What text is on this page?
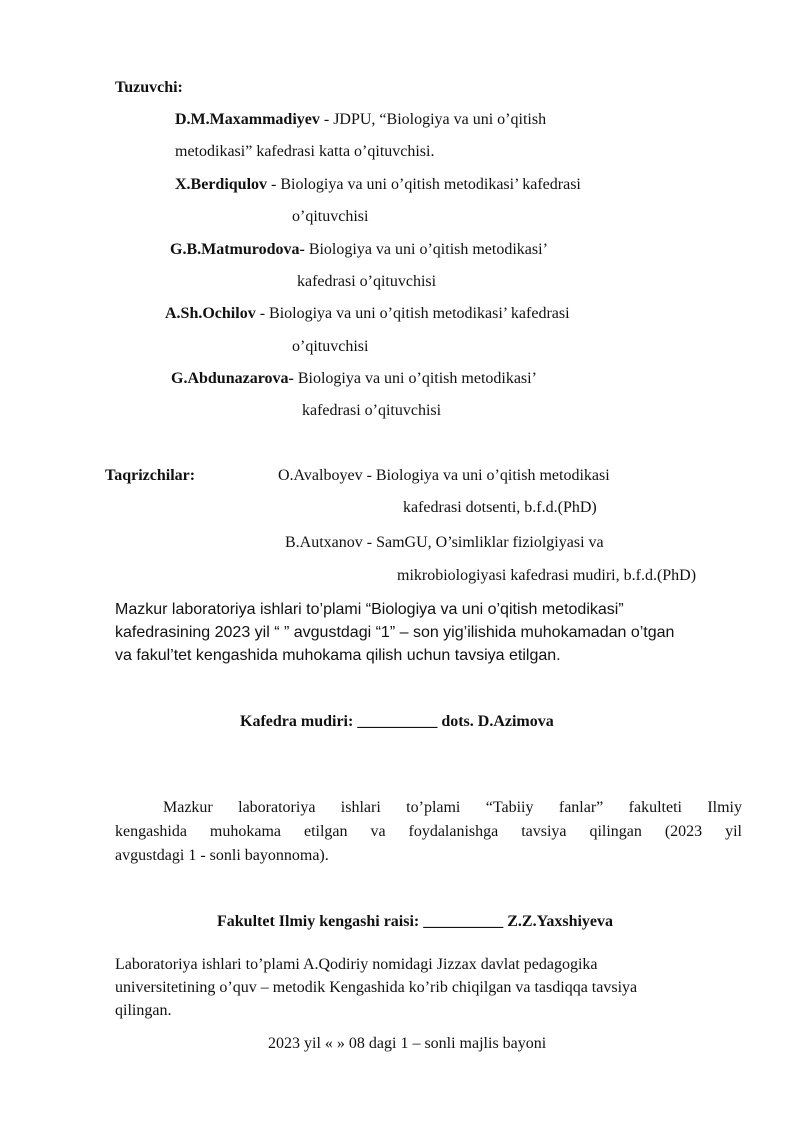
Tuzuvchi:
D.M.Maxammadiyev - JDPU, “Biologiya va uni o’qitish
metodikasi” kafedrasi katta o’qituvchisi.
X.Berdiqulov - Biologiya va uni o’qitish metodikasi’ kafedrasi
o’qituvchisi
G.B.Matmurodova- Biologiya va uni o’qitish metodikasi’
kafedrasi o’qituvchisi
A.Sh.Ochilov - Biologiya va uni o’qitish metodikasi’ kafedrasi
o’qituvchisi
G.Abdunazarova- Biologiya va uni o’qitish metodikasi’
kafedrasi o’qituvchisi
Taqrizchilar:	O.Avalboyev - Biologiya va uni o’qitish metodikasi
kafedrasi dotsenti, b.f.d.(PhD)
B.Autxanov - SamGU, O’simliklar fiziolgiyasi va
mikrobiologiyasi kafedrasi mudiri, b.f.d.(PhD)
Mazkur laboratoriya ishlari to’plami “Biologiya va uni o’qitish metodikasi”
kafedrasining 2023 yil “ ” avgustdagi “1” – son yig’ilishida muhokamadan o’tgan
va fakul’tet kengashida muhokama qilish uchun tavsiya etilgan.
Kafedra mudiri: __________ dots. D.Azimova
Mazkur laboratoriya ishlari to’plami “Tabiiy fanlar” fakulteti Ilmiy
kengashida muhokama etilgan va foydalanishga tavsiya qilingan (2023 yil
avgustdagi 1 - sonli bayonnoma).
Fakultet Ilmiy kengashi raisi: __________ Z.Z.Yaxshiyeva
Laboratoriya ishlari to’plami A.Qodiriy nomidagi Jizzax davlat pedagogika
universitetining o’quv – metodik Kengashida ko’rib chiqilgan va tasdiqqa tavsiya
qilingan.
2023 yil « » 08 dagi 1 – sonli majlis bayoni
